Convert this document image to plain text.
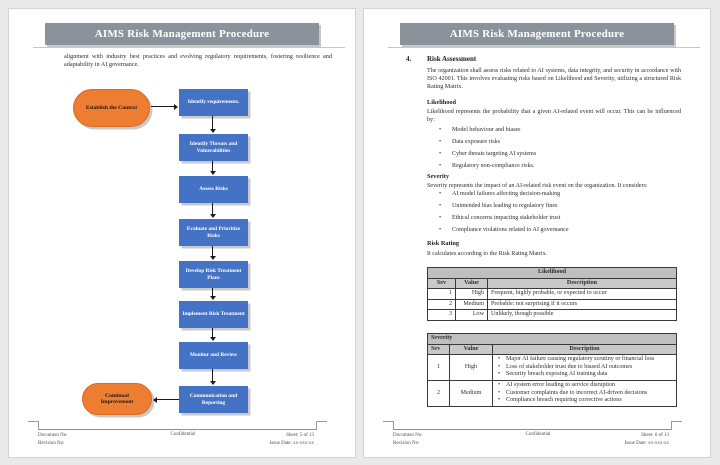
AIMS Risk Management Procedure
alignment with industry best practices and evolving regulatory requirements, fostering resilience and adaptability in AI governance.
Establish the Context
Identify requirements.
Identify Threats and Vulnerabilities
Assess Risks
Evaluate and Prioritize Risks
Develop Risk Treatment Plans
Implement Risk Treatment
Monitor and Review
Communication and Reporting
Continual Improvement
Document No:
Revision No:
Confidential	Sheet: 5 of 13
Issue Date: xx-xxx-xx
AIMS Risk Management Procedure
4. Risk Assessment
The organization shall assess risks related to AI systems, data integrity, and security in accordance with ISO 42001. This involves evaluating risks based on Likelihood and Severity, utilizing a structured Risk Rating Matrix.
Likelihood
Likelihood represents the probability that a given AI-related event will occur. This can be influenced by:
•	Model behaviour and biases
•	Data exposure risks
•	Cyber threats targeting AI systems
•	Regulatory non-compliance risks.
Severity
Severity represents the impact of an AI-related risk event on the organization. It considers:
•	AI model failures affecting decision-making
•	Unintended bias leading to regulatory fines
•	Ethical concerns impacting stakeholder trust
•	Compliance violations related to AI governance
Risk Rating
It calculates according to the Risk Rating Matrix.
Likelihood		
Sev	Value	Description
1	High	Frequent, highly probable, or expected to occur
2	Medium	Probable: not surprising if it occurs
3	Low	Unlikely, though possible
Severity		
Sev	Value	Description
1	High	
• Major AI failure causing regulatory scrutiny or financial loss
• Loss of stakeholder trust due to biased AI outcomes
• Security breach exposing AI training data

2	Medium	
• AI system error leading to service disruption
• Customer complaints due to incorrect AI-driven decisions
• Compliance breach requiring corrective actions
Document No:
Revision No:
Confidential	Sheet: 6 of 13
Issue Date: xx-xxx-xx
